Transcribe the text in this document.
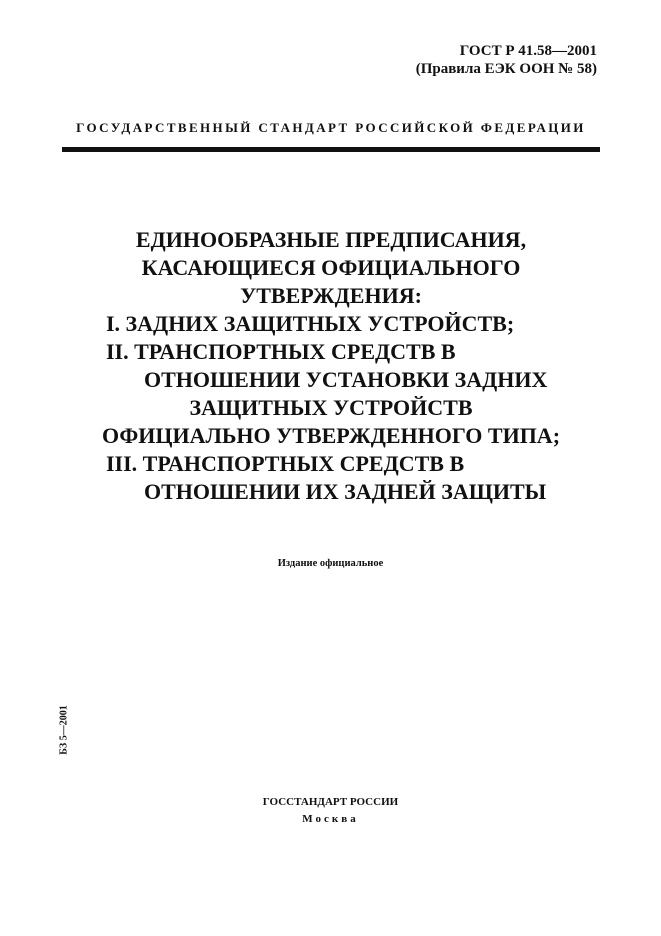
ГОСТ Р 41.58—2001
(Правила ЕЭК ООН № 58)
ГОСУДАРСТВЕННЫЙ СТАНДАРТ РОССИЙСКОЙ ФЕДЕРАЦИИ
ЕДИНООБРАЗНЫЕ ПРЕДПИСАНИЯ,
КАСАЮЩИЕСЯ ОФИЦИАЛЬНОГО
УТВЕРЖДЕНИЯ:
I. ЗАДНИХ ЗАЩИТНЫХ УСТРОЙСТВ;
II. ТРАНСПОРТНЫХ СРЕДСТВ В
ОТНОШЕНИИ УСТАНОВКИ ЗАДНИХ
ЗАЩИТНЫХ УСТРОЙСТВ
ОФИЦИАЛЬНО УТВЕРЖДЕННОГО ТИПА;
III. ТРАНСПОРТНЫХ СРЕДСТВ В
ОТНОШЕНИИ ИХ ЗАДНЕЙ ЗАЩИТЫ
Издание официальное
БЗ 5—2001
ГОССТАНДАРТ РОССИИ
Москва
